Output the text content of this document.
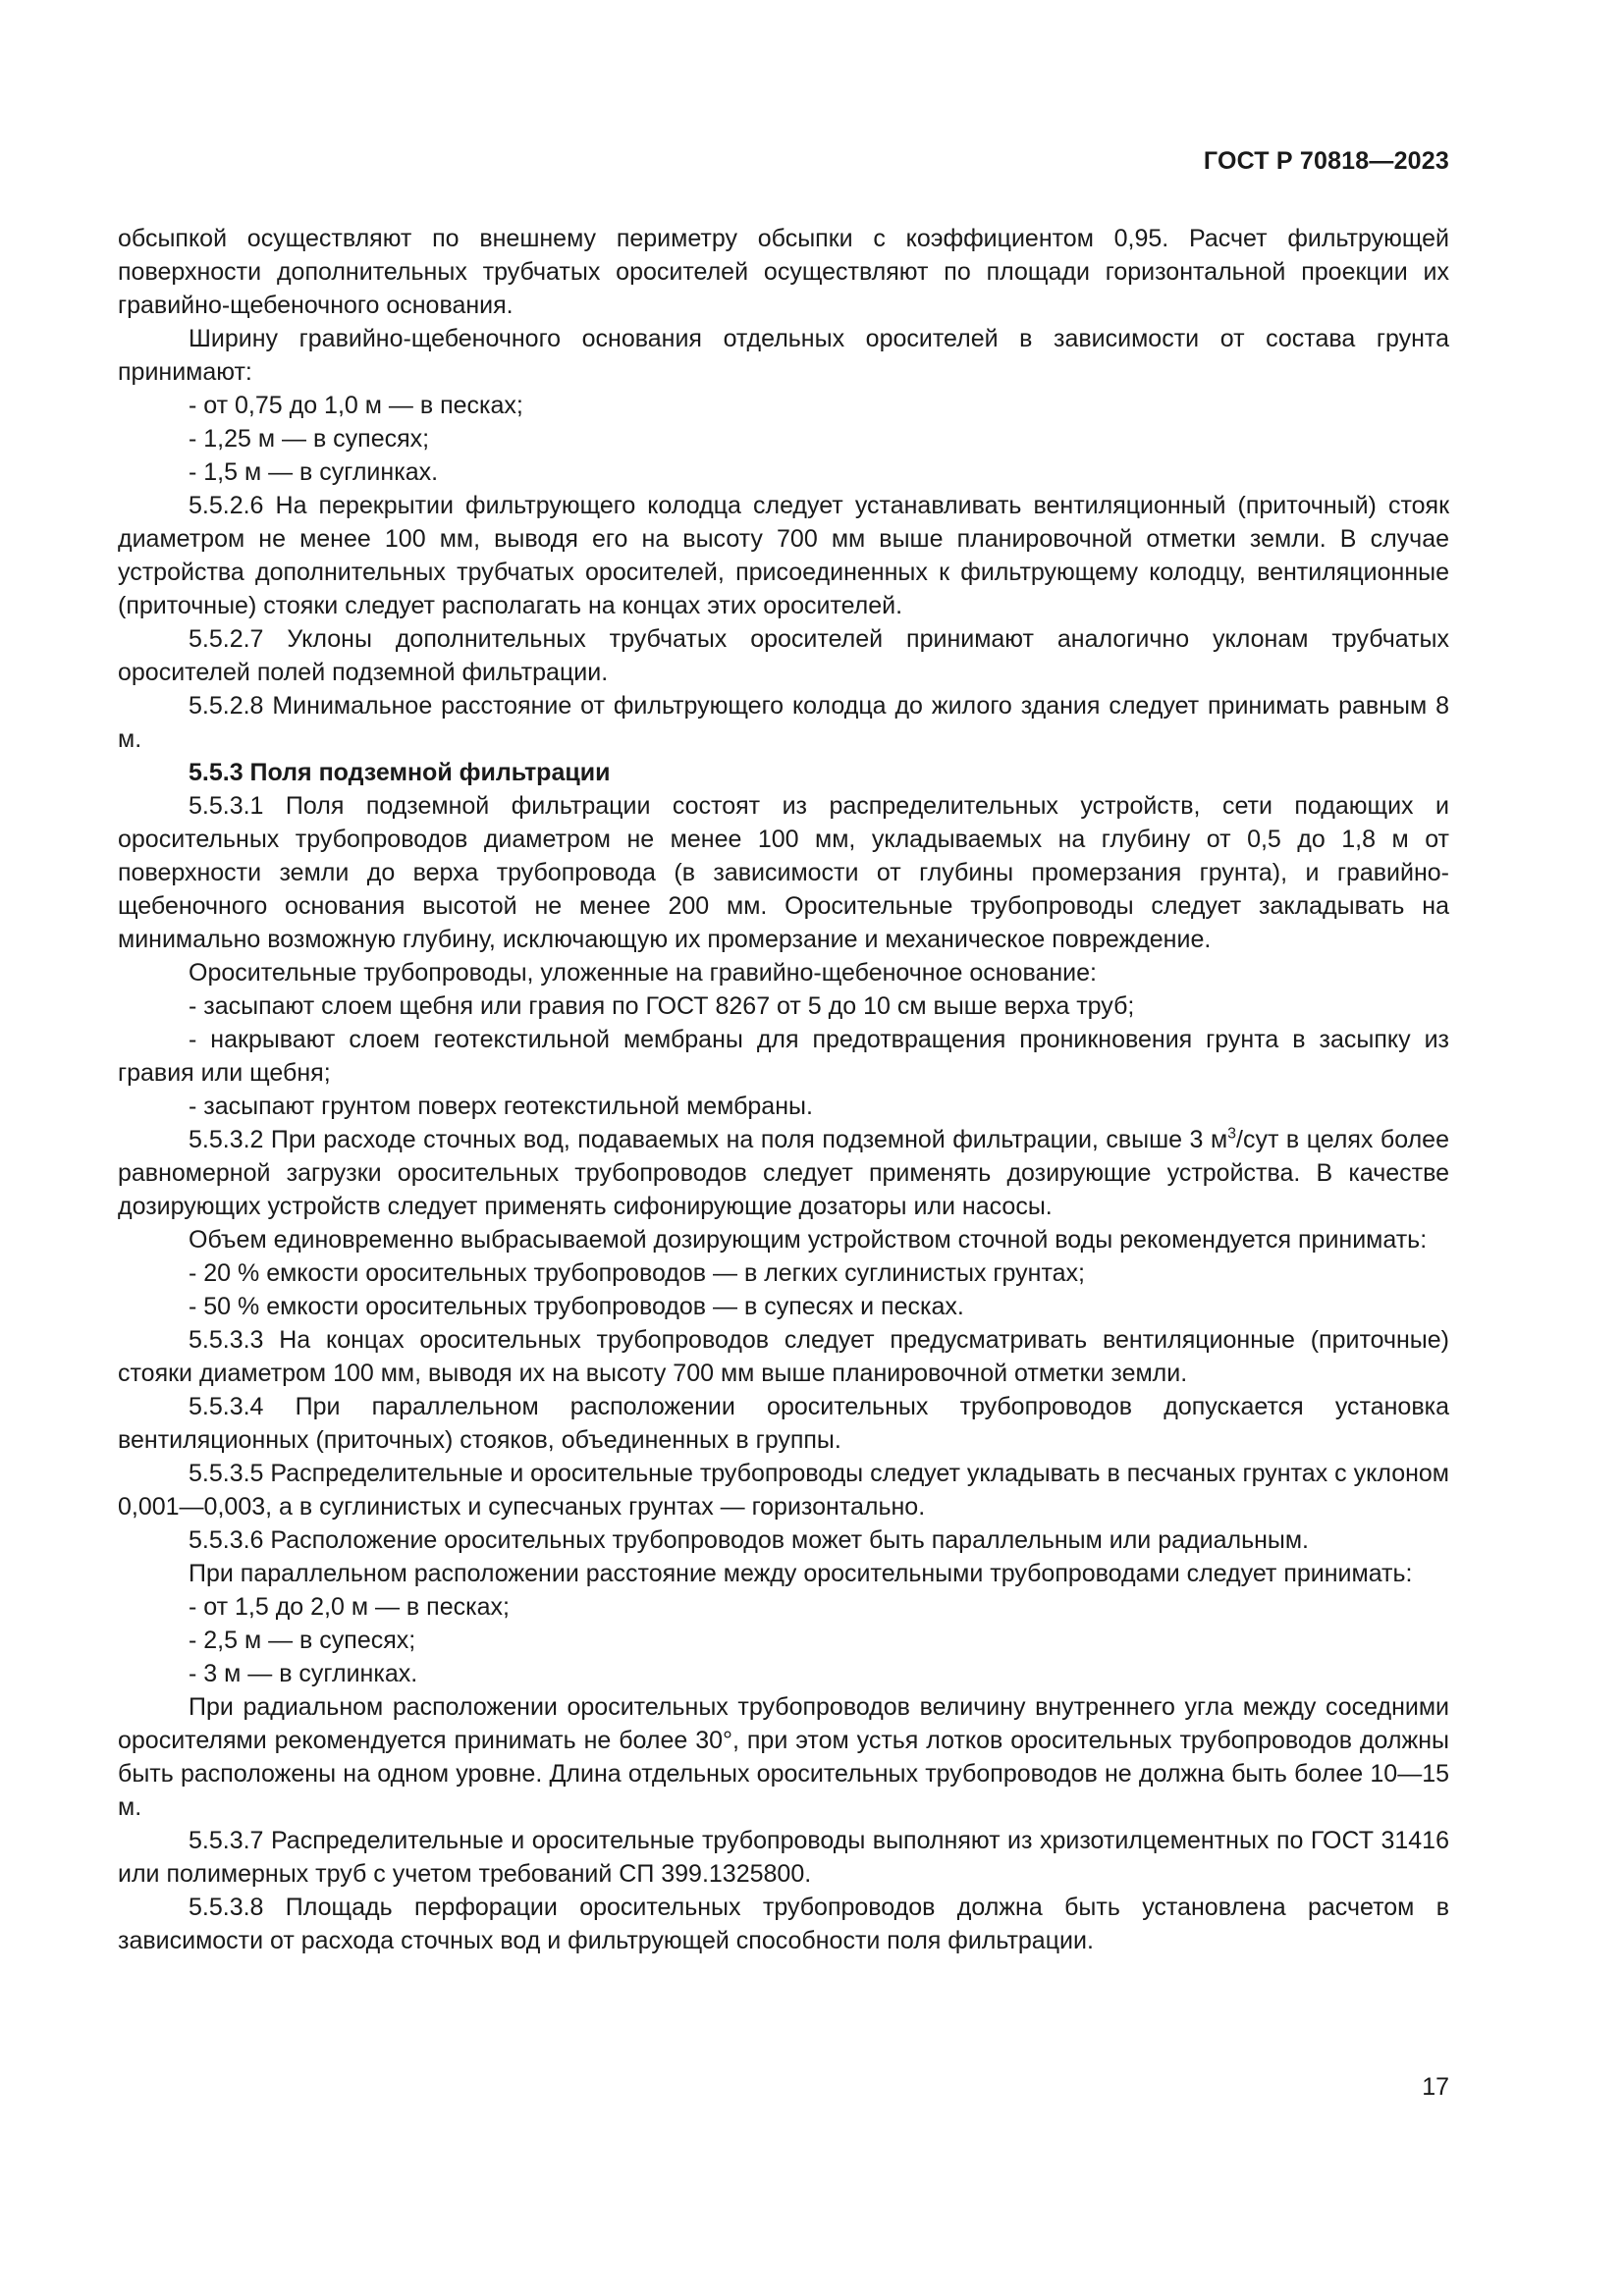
ГОСТ Р 70818—2023

обсыпкой осуществляют по внешнему периметру обсыпки с коэффициентом 0,95. Расчет фильтрующей поверхности дополнительных трубчатых оросителей осуществляют по площади горизонтальной проекции их гравийно-щебеночного основания.

Ширину гравийно-щебеночного основания отдельных оросителей в зависимости от состава грунта принимают:

- от 0,75 до 1,0 м — в песках;

- 1,25 м — в супесях;

- 1,5 м — в суглинках.

5.5.2.6 На перекрытии фильтрующего колодца следует устанавливать вентиляционный (приточный) стояк диаметром не менее 100 мм, выводя его на высоту 700 мм выше планировочной отметки земли. В случае устройства дополнительных трубчатых оросителей, присоединенных к фильтрующему колодцу, вентиляционные (приточные) стояки следует располагать на концах этих оросителей.

5.5.2.7 Уклоны дополнительных трубчатых оросителей принимают аналогично уклонам трубчатых оросителей полей подземной фильтрации.

5.5.2.8 Минимальное расстояние от фильтрующего колодца до жилого здания следует принимать равным 8 м.

5.5.3 Поля подземной фильтрации

5.5.3.1 Поля подземной фильтрации состоят из распределительных устройств, сети подающих и оросительных трубопроводов диаметром не менее 100 мм, укладываемых на глубину от 0,5 до 1,8 м от поверхности земли до верха трубопровода (в зависимости от глубины промерзания грунта), и гравийно-щебеночного основания высотой не менее 200 мм. Оросительные трубопроводы следует закладывать на минимально возможную глубину, исключающую их промерзание и механическое повреждение.

Оросительные трубопроводы, уложенные на гравийно-щебеночное основание:

- засыпают слоем щебня или гравия по ГОСТ 8267 от 5 до 10 см выше верха труб;

- накрывают слоем геотекстильной мембраны для предотвращения проникновения грунта в засыпку из гравия или щебня;

- засыпают грунтом поверх геотекстильной мембраны.

5.5.3.2 При расходе сточных вод, подаваемых на поля подземной фильтрации, свыше 3 $м^3$/сут в целях более равномерной загрузки оросительных трубопроводов следует применять дозирующие устройства. В качестве дозирующих устройств следует применять сифонирующие дозаторы или насосы.

Объем единовременно выбрасываемой дозирующим устройством сточной воды рекомендуется принимать:

- 20 % емкости оросительных трубопроводов — в легких суглинистых грунтах;

- 50 % емкости оросительных трубопроводов — в супесях и песках.

5.5.3.3 На концах оросительных трубопроводов следует предусматривать вентиляционные (приточные) стояки диаметром 100 мм, выводя их на высоту 700 мм выше планировочной отметки земли.

5.5.3.4 При параллельном расположении оросительных трубопроводов допускается установка вентиляционных (приточных) стояков, объединенных в группы.

5.5.3.5 Распределительные и оросительные трубопроводы следует укладывать в песчаных грунтах с уклоном 0,001—0,003, а в суглинистых и супесчаных грунтах — горизонтально.

5.5.3.6 Расположение оросительных трубопроводов может быть параллельным или радиальным.

При параллельном расположении расстояние между оросительными трубопроводами следует принимать:

- от 1,5 до 2,0 м — в песках;

- 2,5 м — в супесях;

- 3 м — в суглинках.

При радиальном расположении оросительных трубопроводов величину внутреннего угла между соседними оросителями рекомендуется принимать не более 30°, при этом устья лотков оросительных трубопроводов должны быть расположены на одном уровне. Длина отдельных оросительных трубопроводов не должна быть более 10—15 м.

5.5.3.7 Распределительные и оросительные трубопроводы выполняют из хризотилцементных по ГОСТ 31416 или полимерных труб с учетом требований СП 399.1325800.

5.5.3.8 Площадь перфорации оросительных трубопроводов должна быть установлена расчетом в зависимости от расхода сточных вод и фильтрующей способности поля фильтрации.

17
